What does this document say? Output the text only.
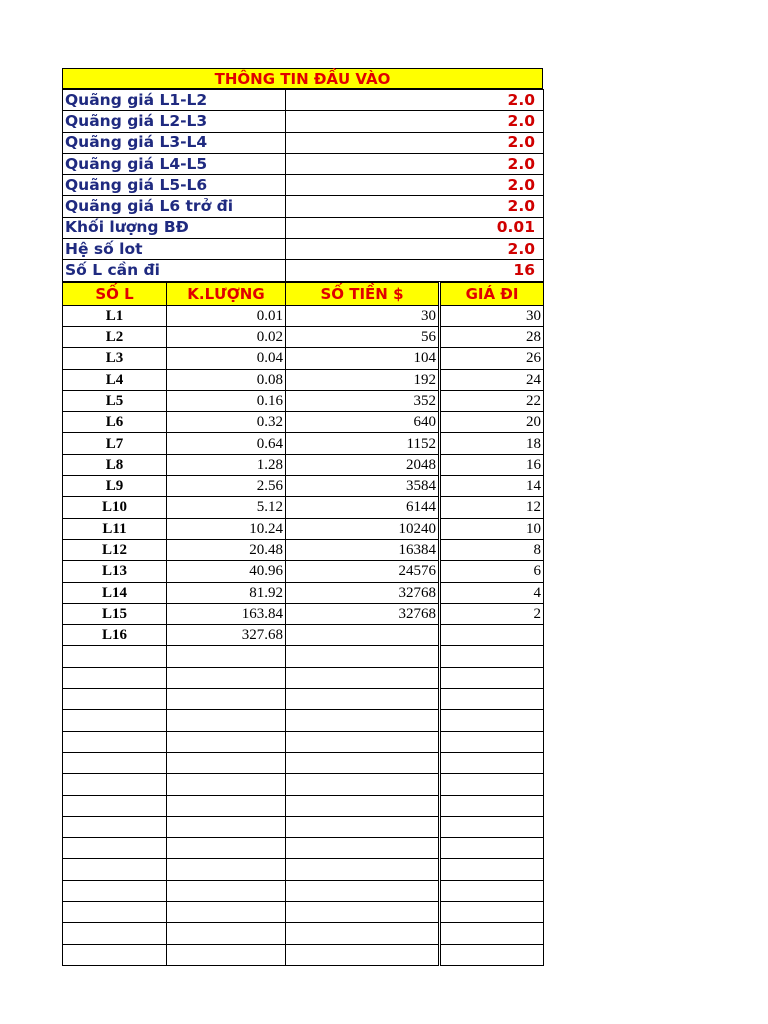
THÔNG TIN ĐẦU VÀO
Quãng giá L1-L2	2.0
Quãng giá L2-L3	2.0
Quãng giá L3-L4	2.0
Quãng giá L4-L5	2.0
Quãng giá L5-L6	2.0
Quãng giá L6 trở đi	2.0
Khối lượng BĐ	0.01
Hệ số lot	2.0
Số L cần đi	16
SỐ L	K.LƯỢNG	SỐ TIỀN $	GIÁ ĐI
L1	0.01	30	30
L2	0.02	56	28
L3	0.04	104	26
L4	0.08	192	24
L5	0.16	352	22
L6	0.32	640	20
L7	0.64	1152	18
L8	1.28	2048	16
L9	2.56	3584	14
L10	5.12	6144	12
L11	10.24	10240	10
L12	20.48	16384	8
L13	40.96	24576	6
L14	81.92	32768	4
L15	163.84	32768	2
L16	327.68		
